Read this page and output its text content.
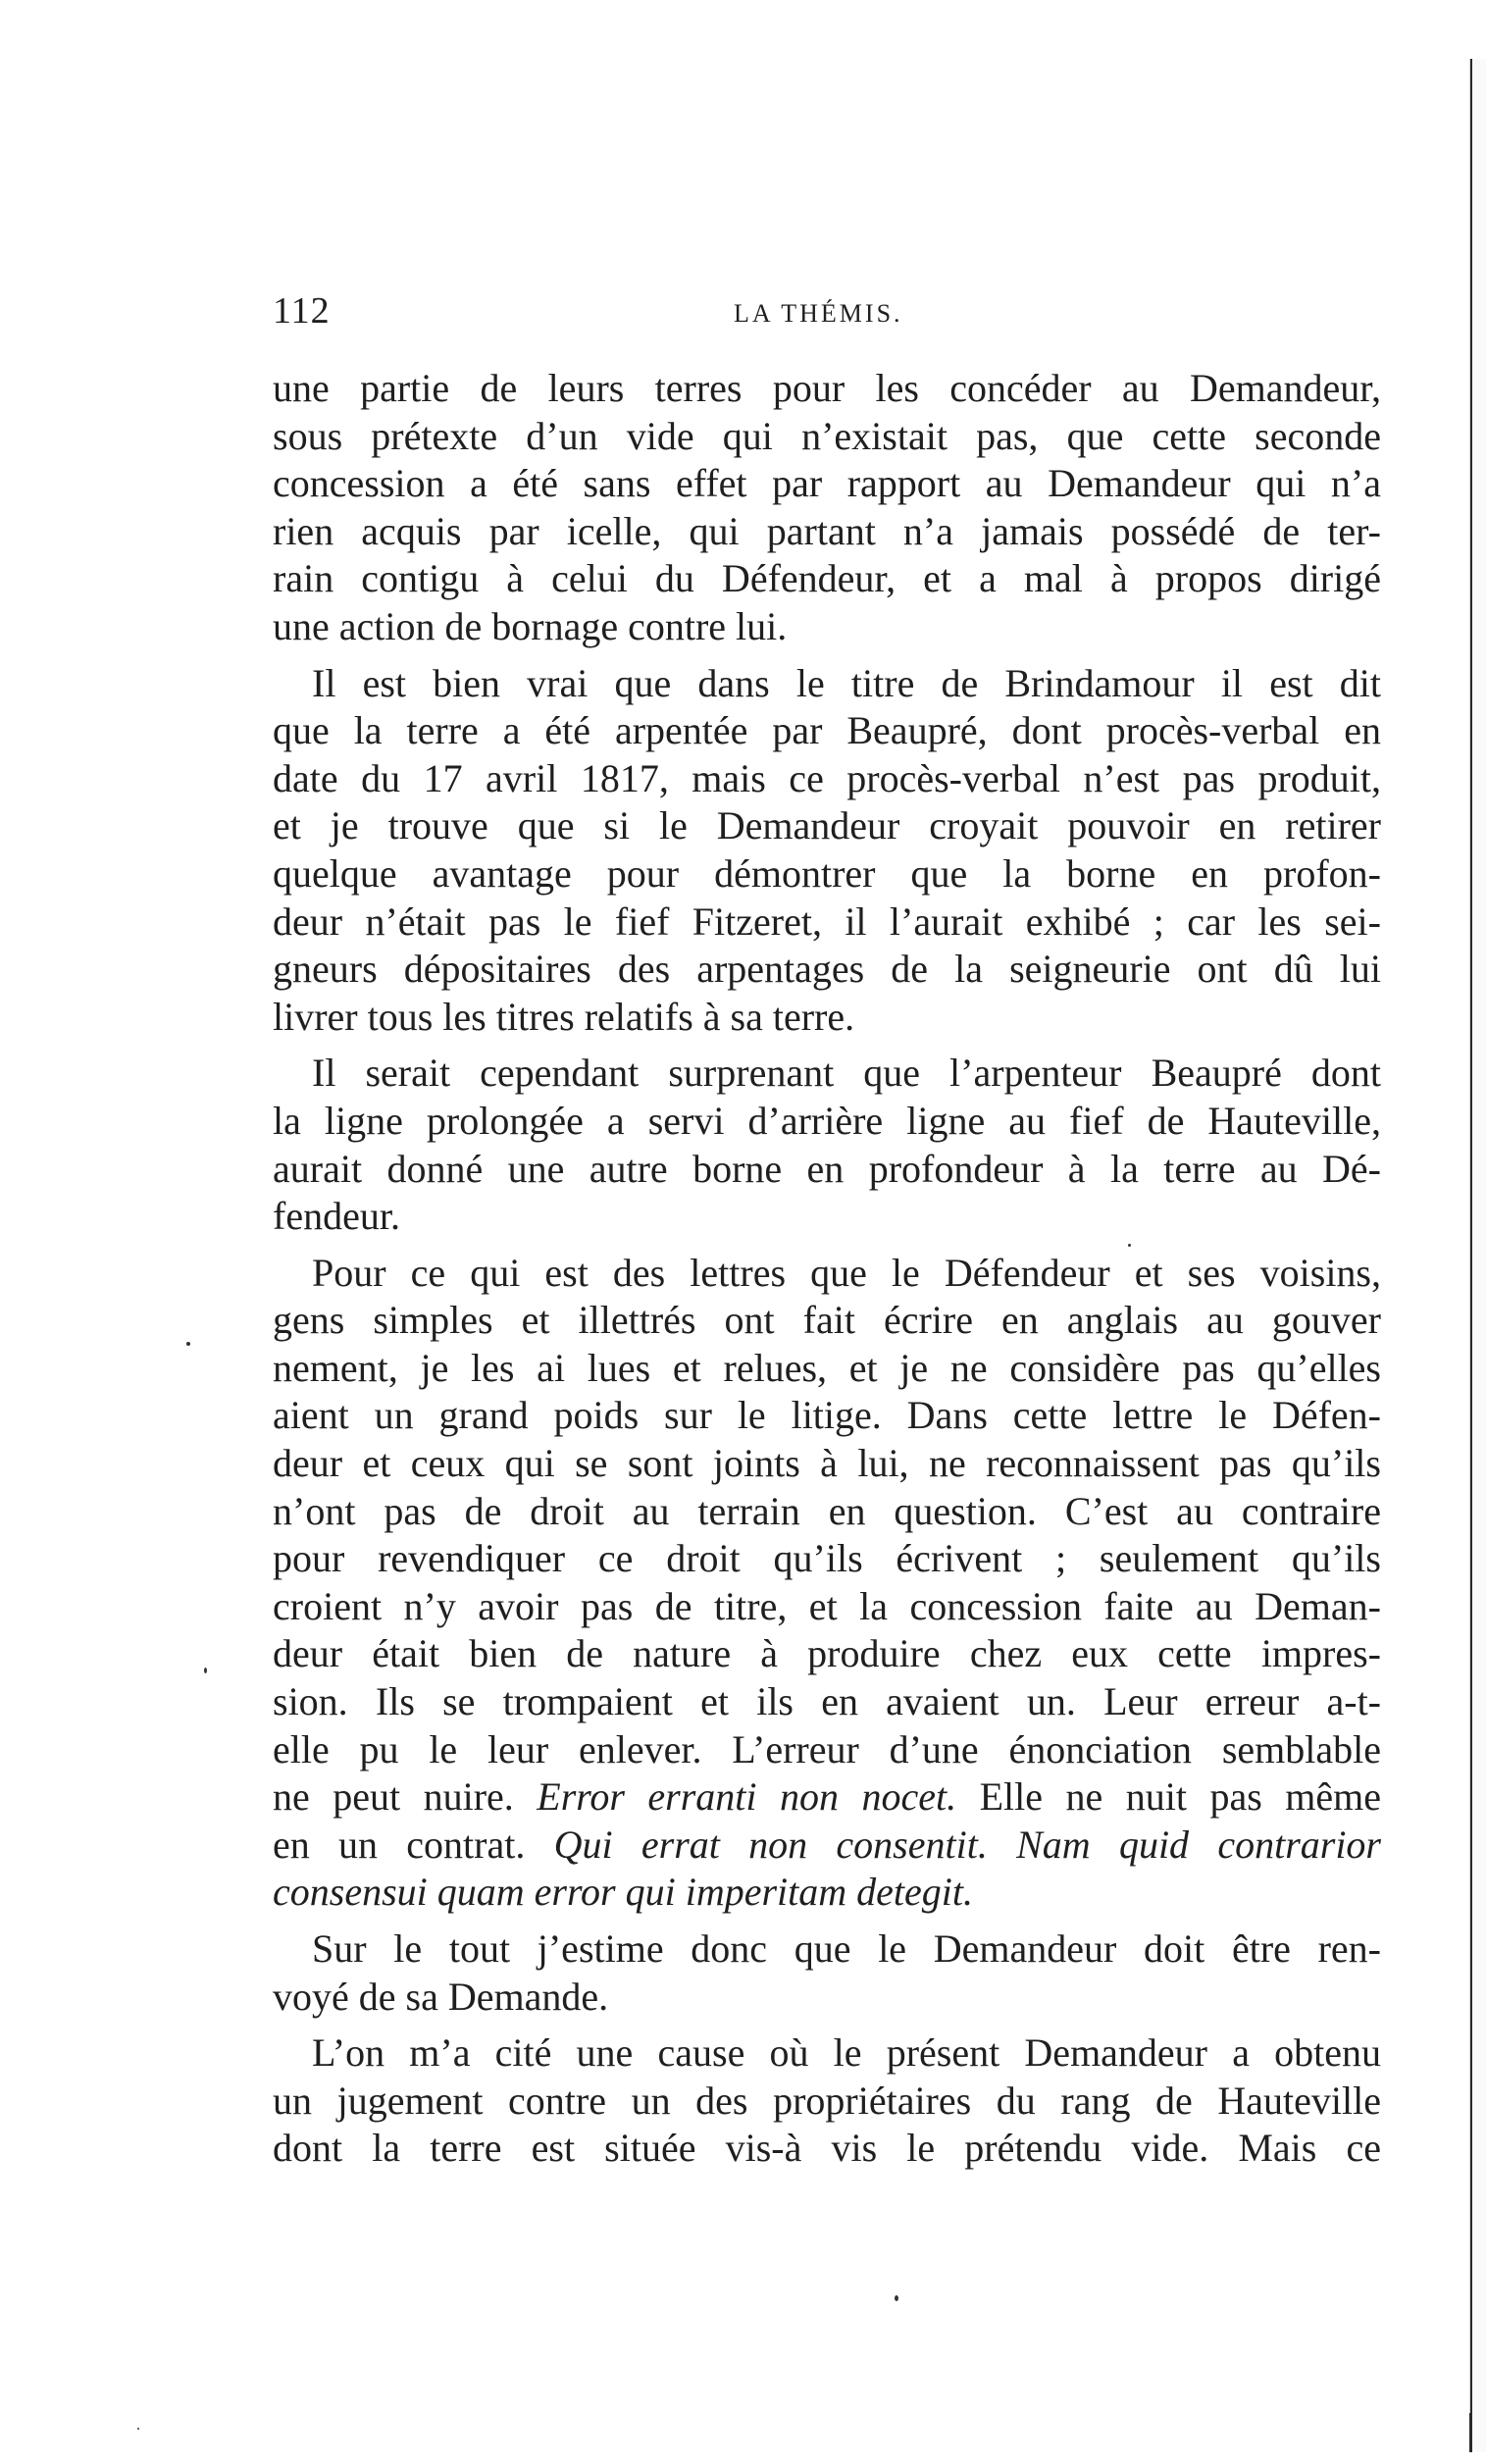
112	LA THÉMIS.
une partie de leurs terres pour les concéder au Demandeur,
sous prétexte d’un vide qui n’existait pas, que cette seconde
concession a été sans effet par rapport au Demandeur qui n’a
rien acquis par icelle, qui partant n’a jamais possédé de ter-
rain contigu à celui du Défendeur, et a mal à propos dirigé
une action de bornage contre lui.
Il est bien vrai que dans le titre de Brindamour il est dit
que la terre a été arpentée par Beaupré, dont procès-verbal en
date du 17 avril 1817, mais ce procès-verbal n’est pas produit,
et je trouve que si le Demandeur croyait pouvoir en retirer
quelque avantage pour démontrer que la borne en profon-
deur n’était pas le fief Fitzeret, il l’aurait exhibé ; car les sei-
gneurs dépositaires des arpentages de la seigneurie ont dû lui
livrer tous les titres relatifs à sa terre.
Il serait cependant surprenant que l’arpenteur Beaupré dont
la ligne prolongée a servi d’arrière ligne au fief de Hauteville,
aurait donné une autre borne en profondeur à la terre au Dé-
fendeur.
Pour ce qui est des lettres que le Défendeur et ses voisins,
gens simples et illettrés ont fait écrire en anglais au gouver
nement, je les ai lues et relues, et je ne considère pas qu’elles
aient un grand poids sur le litige. Dans cette lettre le Défen-
deur et ceux qui se sont joints à lui, ne reconnaissent pas qu’ils
n’ont pas de droit au terrain en question. C’est au contraire
pour revendiquer ce droit qu’ils écrivent ; seulement qu’ils
croient n’y avoir pas de titre, et la concession faite au Deman-
deur était bien de nature à produire chez eux cette impres-
sion. Ils se trompaient et ils en avaient un. Leur erreur a-t-
elle pu le leur enlever. L’erreur d’une énonciation semblable
ne peut nuire. Error erranti non nocet. Elle ne nuit pas même
en un contrat. Qui errat non consentit. Nam quid contrarior
consensui quam error qui imperitam detegit.
Sur le tout j’estime donc que le Demandeur doit être ren-
voyé de sa Demande.
L’on m’a cité une cause où le présent Demandeur a obtenu
un jugement contre un des propriétaires du rang de Hauteville
dont la terre est située vis-à vis le prétendu vide. Mais ce
